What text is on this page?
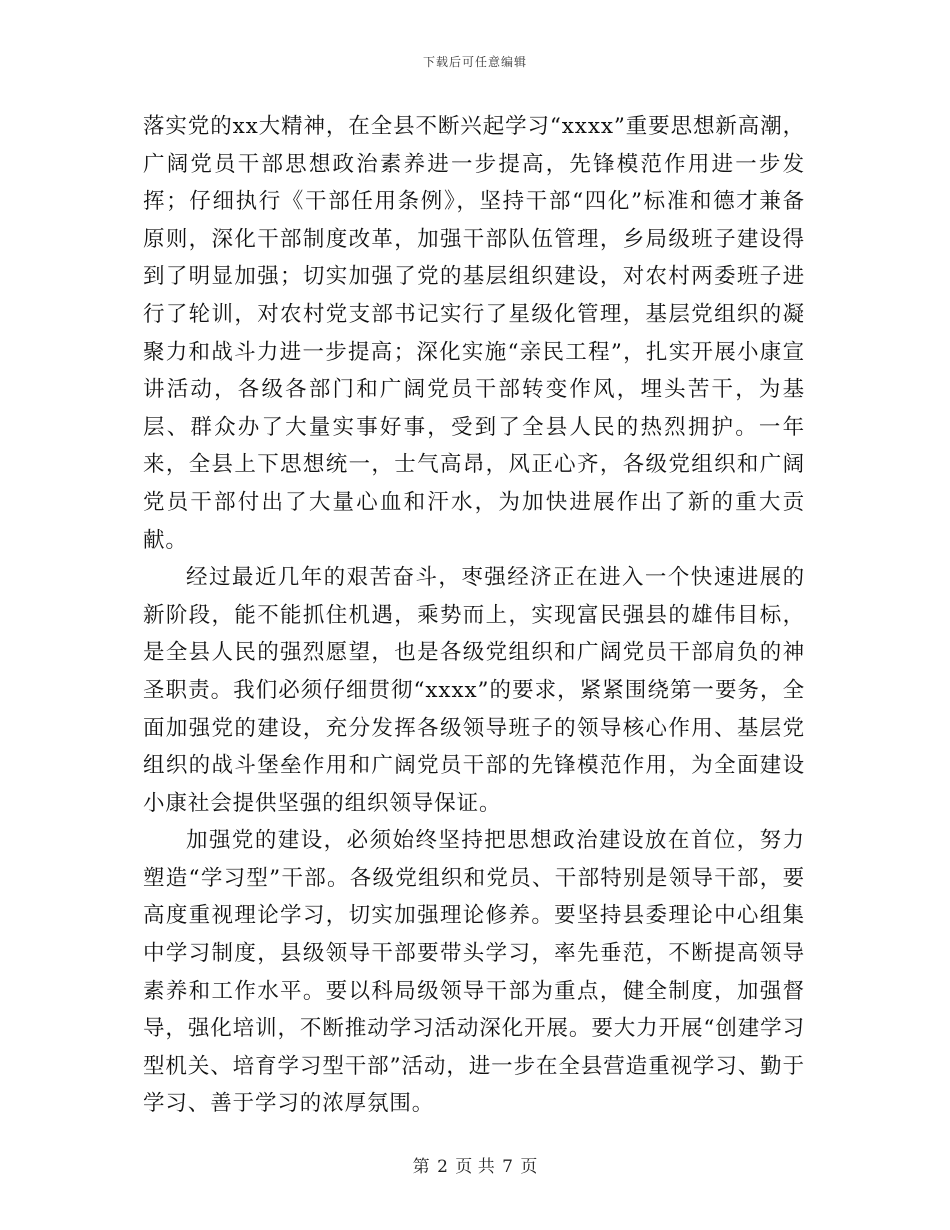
下载后可任意编辑

落实党的xx大精神，在全县不断兴起学习“xxxx”重要思想新高潮，广阔党员干部思想政治素养进一步提高，先锋模范作用进一步发挥；仔细执行《干部任用条例》，坚持干部“四化”标准和德才兼备原则，深化干部制度改革，加强干部队伍管理，乡局级班子建设得到了明显加强；切实加强了党的基层组织建设，对农村两委班子进行了轮训，对农村党支部书记实行了星级化管理，基层党组织的凝聚力和战斗力进一步提高；深化实施“亲民工程”，扎实开展小康宣讲活动，各级各部门和广阔党员干部转变作风，埋头苦干，为基层、群众办了大量实事好事，受到了全县人民的热烈拥护。一年来，全县上下思想统一，士气高昂，风正心齐，各级党组织和广阔党员干部付出了大量心血和汗水，为加快进展作出了新的重大贡献。

经过最近几年的艰苦奋斗，枣强经济正在进入一个快速进展的新阶段，能不能抓住机遇，乘势而上，实现富民强县的雄伟目标，是全县人民的强烈愿望，也是各级党组织和广阔党员干部肩负的神圣职责。我们必须仔细贯彻“xxxx”的要求，紧紧围绕第一要务，全面加强党的建设，充分发挥各级领导班子的领导核心作用、基层党组织的战斗堡垒作用和广阔党员干部的先锋模范作用，为全面建设小康社会提供坚强的组织领导保证。

加强党的建设，必须始终坚持把思想政治建设放在首位，努力塑造“学习型”干部。各级党组织和党员、干部特别是领导干部，要高度重视理论学习，切实加强理论修养。要坚持县委理论中心组集中学习制度，县级领导干部要带头学习，率先垂范，不断提高领导素养和工作水平。要以科局级领导干部为重点，健全制度，加强督导，强化培训，不断推动学习活动深化开展。要大力开展“创建学习型机关、培育学习型干部”活动，进一步在全县营造重视学习、勤于学习、善于学习的浓厚氛围。

第 2 页 共 7 页
